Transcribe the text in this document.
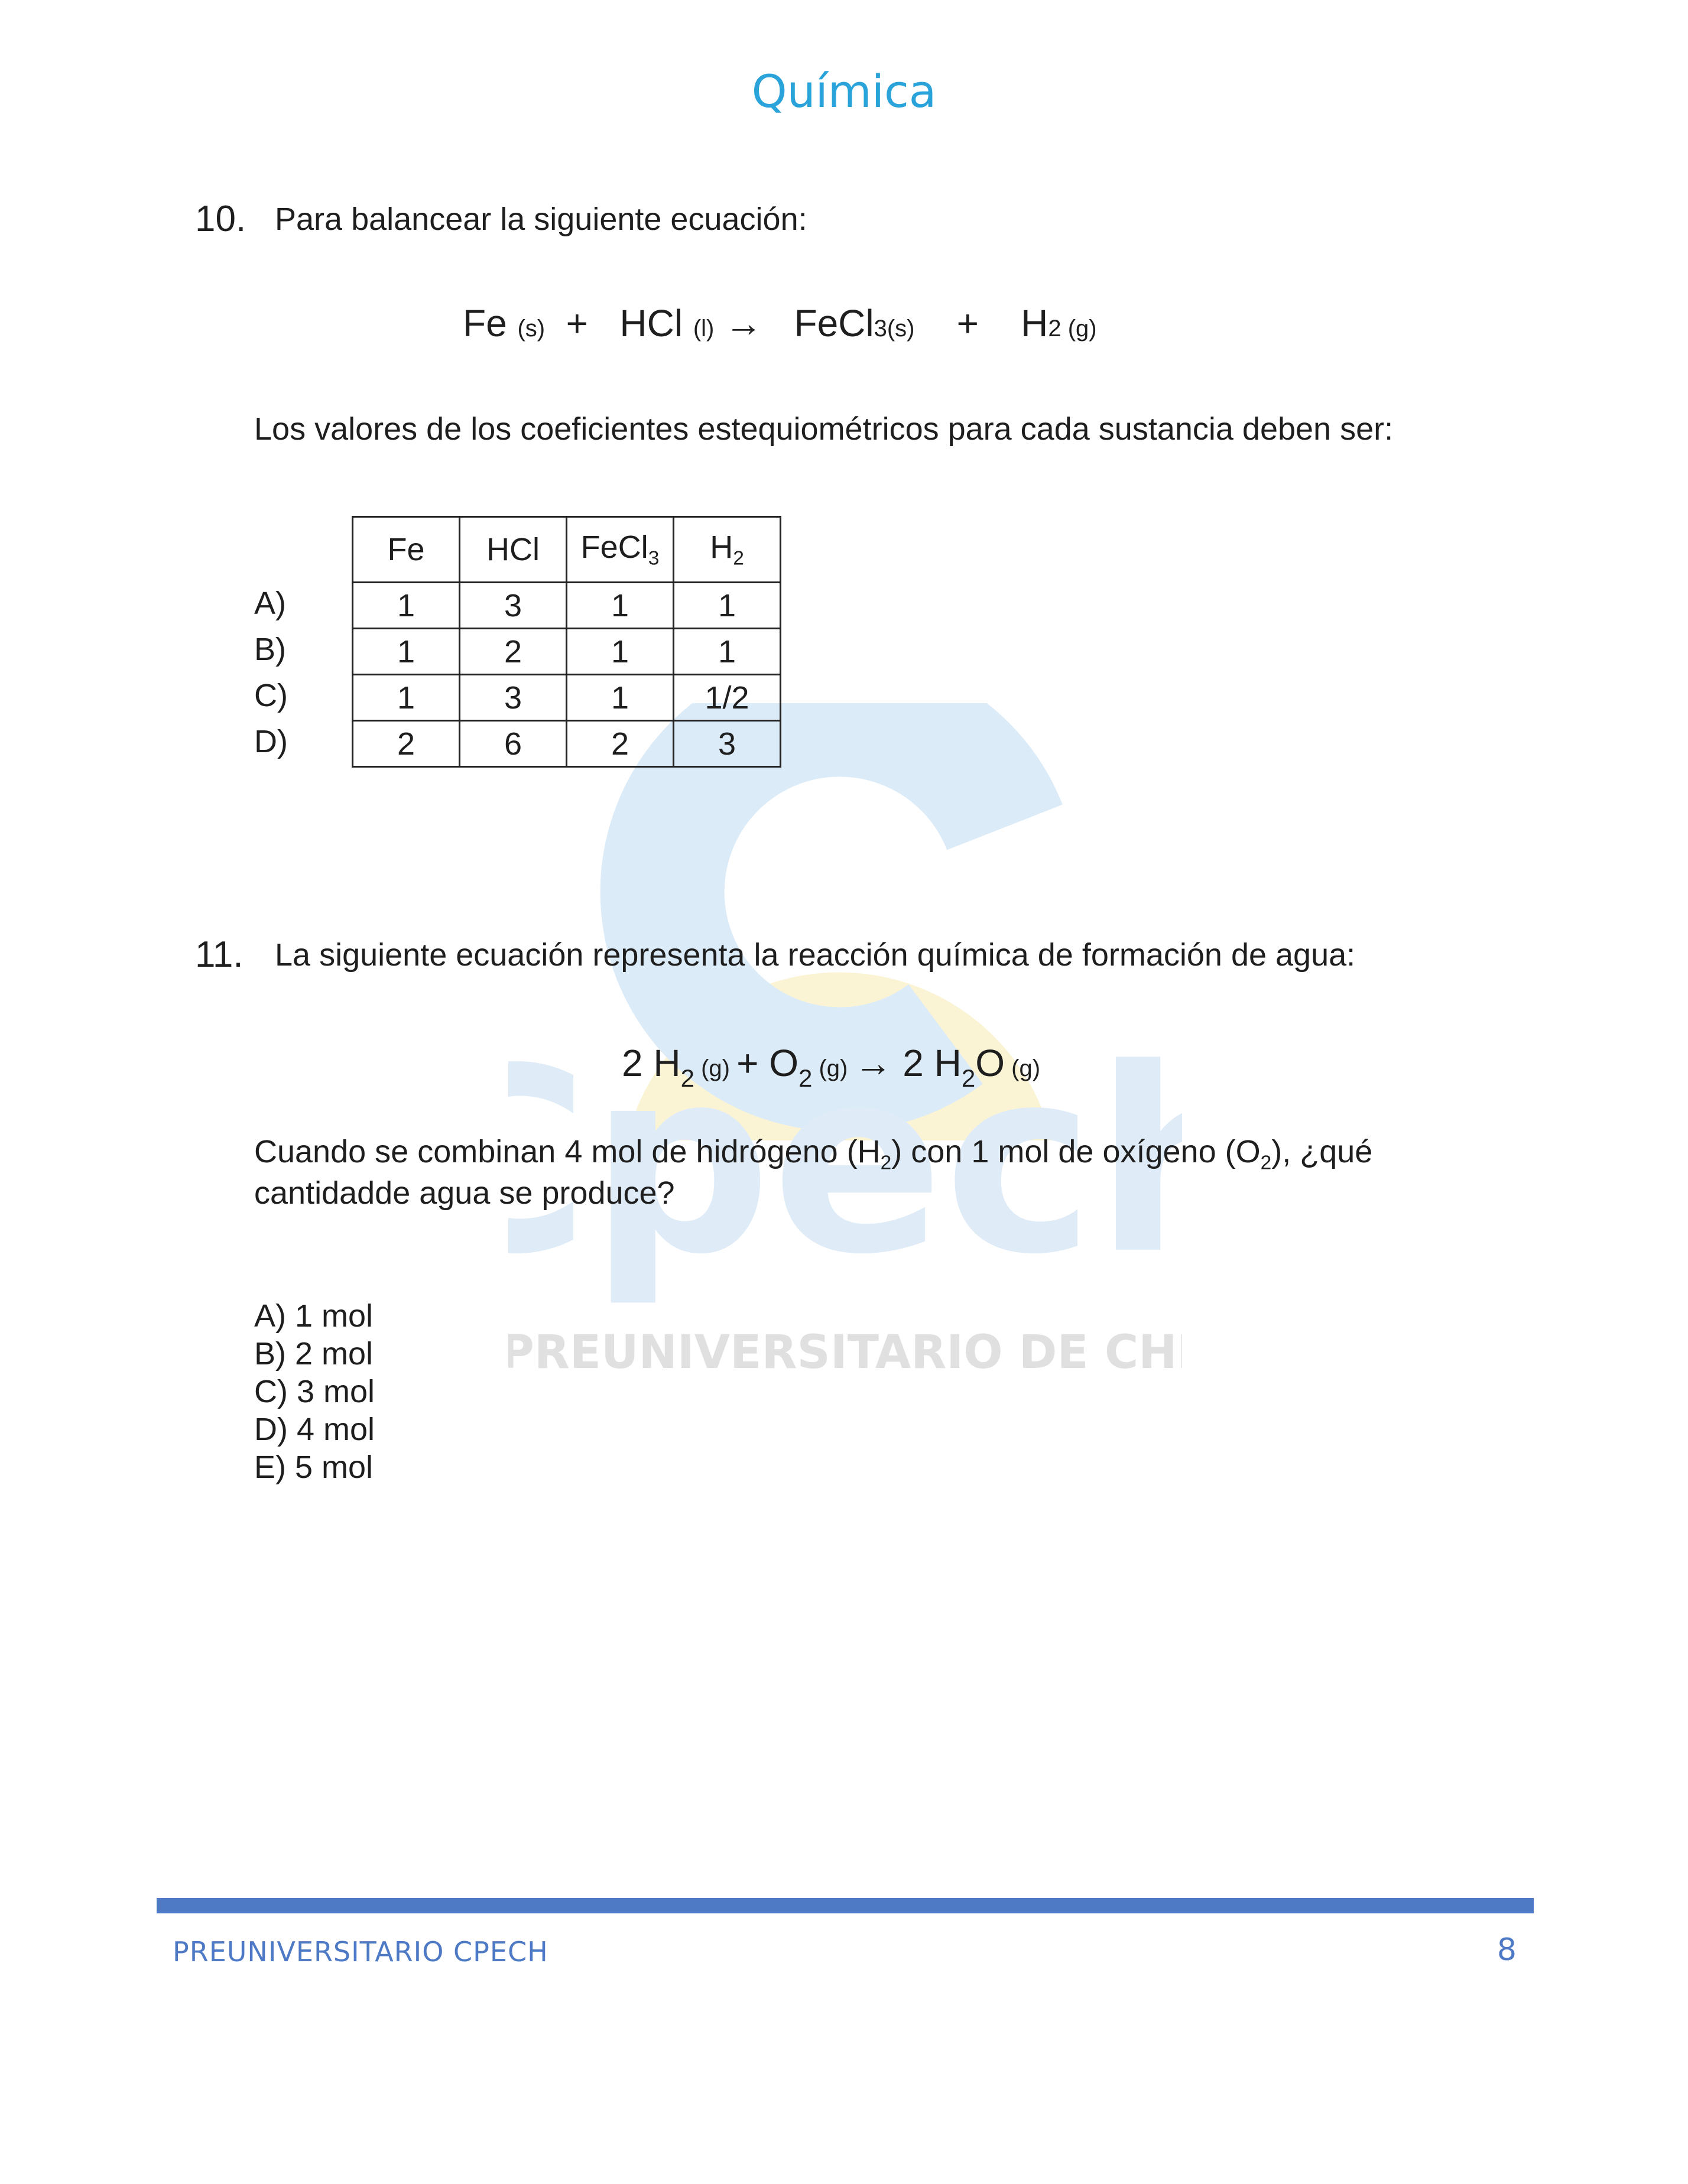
pec
PREUNIVERSITARIO DE CH
Química
10. Para balancear la siguiente ecuación:
Fe (s) + HCl (l) → FeCl3(s) + H2 (g)
Los valores de los coeficientes estequiométricos para cada sustancia deben ser:
A)
B)
C)
D)
Fe	HCl	FeCl$_3$	$H_2$
1	3	1	1
1	2	1	1
1	3	1	1/2
2	6	2	3
11. La siguiente ecuación representa la reacción química de formación de agua:
2 $H_2$ $(g) + O_2$ (g) → 2 $H_2O$ (g)
Cuando se combinan 4 mol de hidrógeno $(H_2)$ con 1 mol de oxígeno $(O_2)$, ¿qué
cantidadde agua se produce?
A) 1 mol
B) 2 mol
C) 3 mol
D) 4 mol
E) 5 mol
PREUNIVERSITARIO CPECH	8
